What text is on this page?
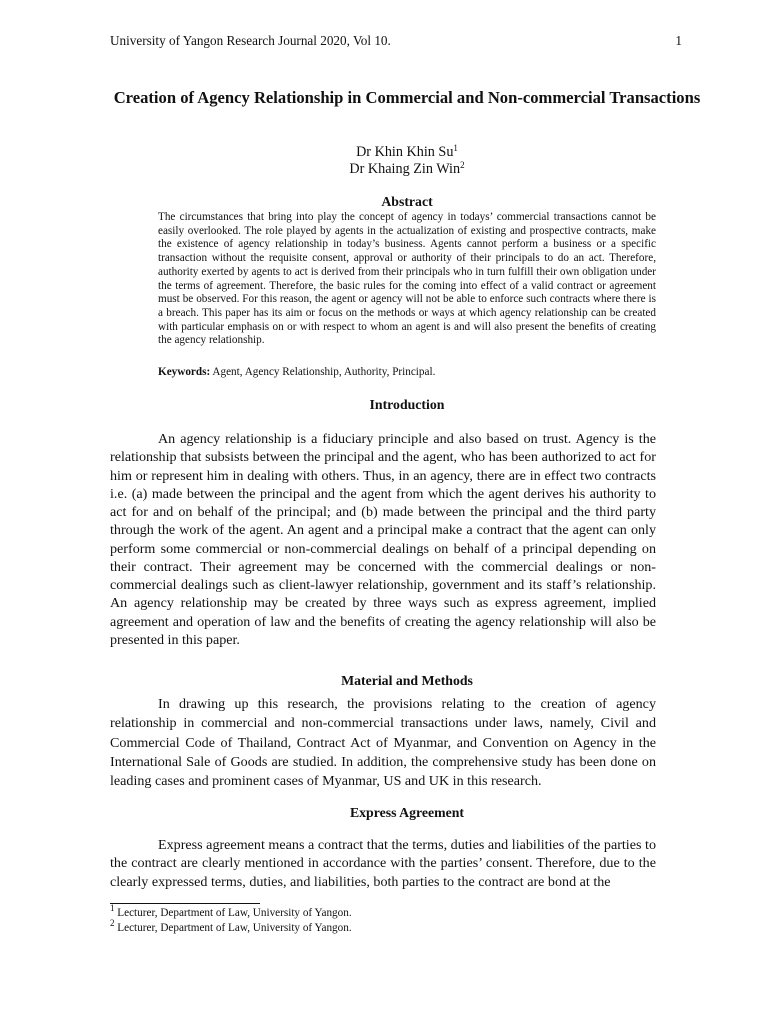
University of Yangon Research Journal 2020, Vol 10.	1
Creation of Agency Relationship in Commercial and Non-commercial Transactions
Dr Khin Khin Su$^1$
Dr Khaing Zin Win$^2$
Abstract

The circumstances that bring into play the concept of agency in todays’ commercial transactions cannot be easily overlooked. The role played by agents in the actualization of existing and prospective contracts, make the existence of agency relationship in today’s business. Agents cannot perform a business or a specific transaction without the requisite consent, approval or authority of their principals to do an act. Therefore, authority exerted by agents to act is derived from their principals who in turn fulfill their own obligation under the terms of agreement. Therefore, the basic rules for the coming into effect of a valid contract or agreement must be observed. For this reason, the agent or agency will not be able to enforce such contracts where there is a breach. This paper has its aim or focus on the methods or ways at which agency relationship can be created with particular emphasis on or with respect to whom an agent is and will also present the benefits of creating the agency relationship.

Keywords: Agent, Agency Relationship, Authority, Principal.

Introduction

An agency relationship is a fiduciary principle and also based on trust. Agency is the relationship that subsists between the principal and the agent, who has been authorized to act for him or represent him in dealing with others. Thus, in an agency, there are in effect two contracts i.e. (a) made between the principal and the agent from which the agent derives his authority to act for and on behalf of the principal; and (b) made between the principal and the third party through the work of the agent. An agent and a principal make a contract that the agent can only perform some commercial or non-commercial dealings on behalf of a principal depending on their contract. Their agreement may be concerned with the commercial dealings or non-commercial dealings such as client-lawyer relationship, government and its staff’s relationship. An agency relationship may be created by three ways such as express agreement, implied agreement and operation of law and the benefits of creating the agency relationship will also be presented in this paper.

Material and Methods

In drawing up this research, the provisions relating to the creation of agency relationship in commercial and non-commercial transactions under laws, namely, Civil and Commercial Code of Thailand, Contract Act of Myanmar, and Convention on Agency in the International Sale of Goods are studied. In addition, the comprehensive study has been done on leading cases and prominent cases of Myanmar, US and UK in this research.

Express Agreement

Express agreement means a contract that the terms, duties and liabilities of the parties to the contract are clearly mentioned in accordance with the parties’ consent. Therefore, due to the clearly expressed terms, duties, and liabilities, both parties to the contract are bond at the

$^1$ Lecturer, Department of Law, University of Yangon.
$^2$ Lecturer, Department of Law, University of Yangon.
